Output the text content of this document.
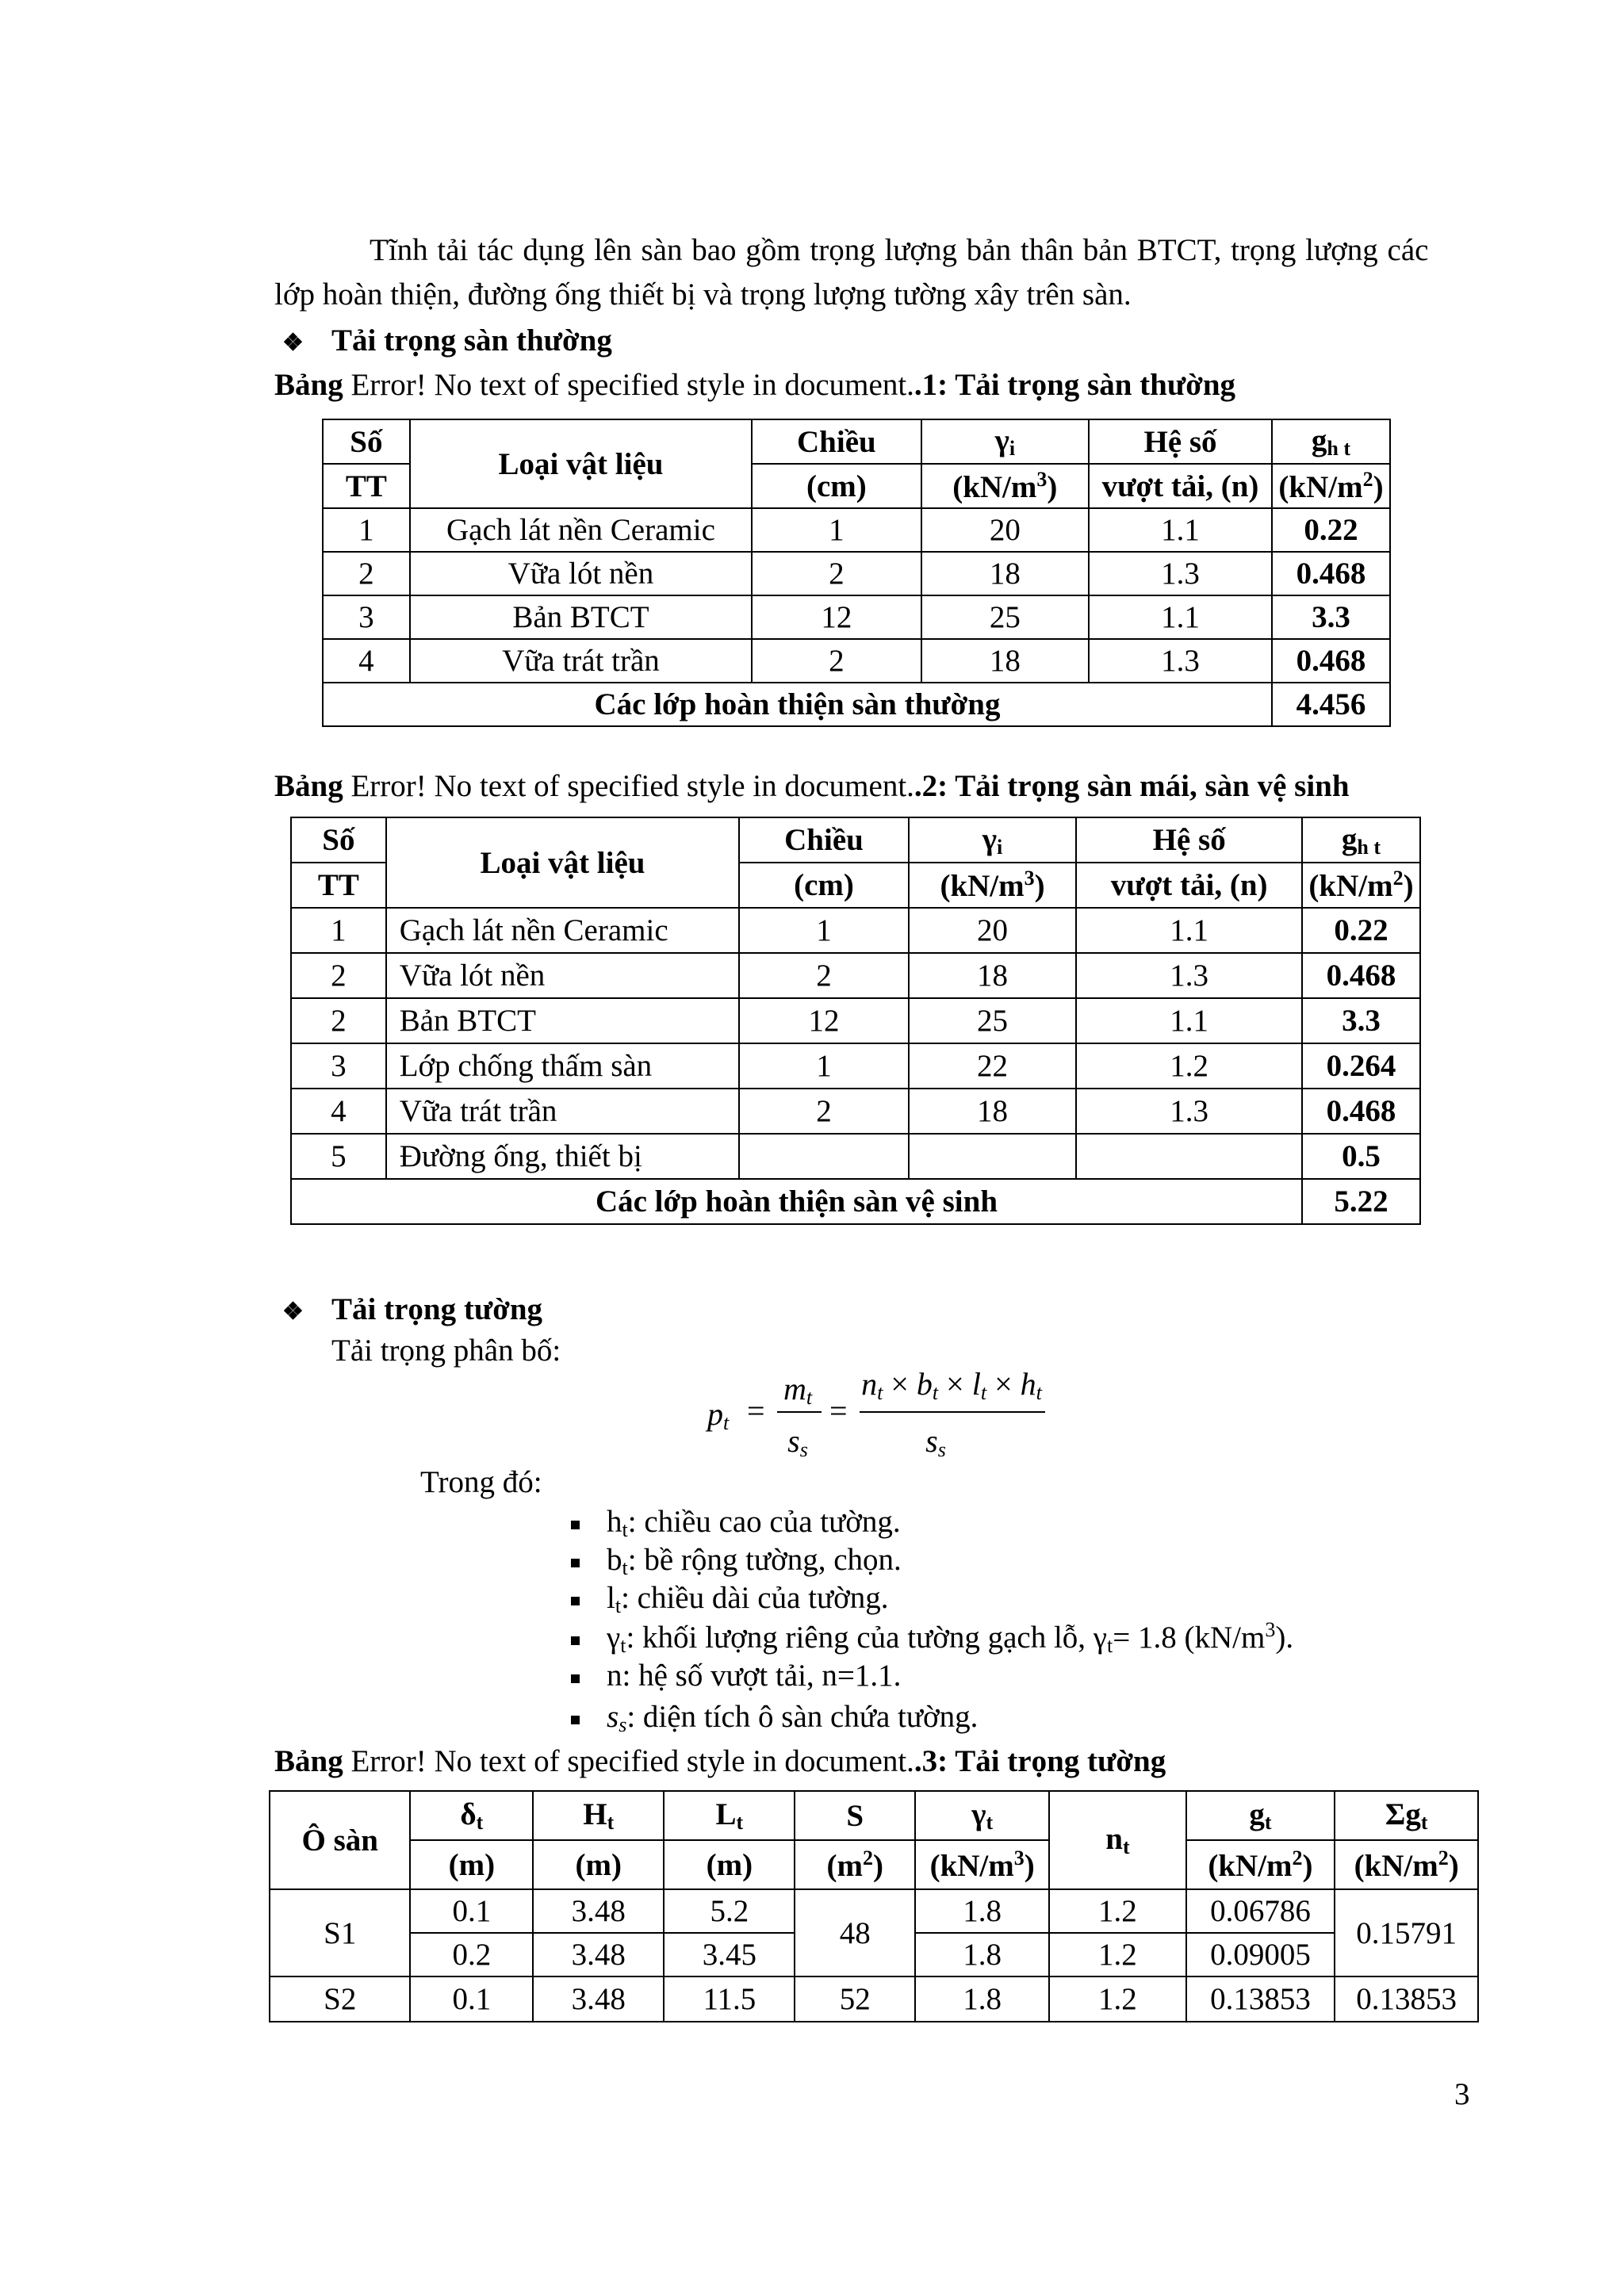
Tĩnh tải tác dụng lên sàn bao gồm trọng lượng bản thân bản BTCT, trọng lượng các
lớp hoàn thiện, đường ống thiết bị và trọng lượng tường xây trên sàn.
❖ Tải trọng sàn thường
Bảng Error! No text of specified style in document..1: Tải trọng sàn thường
Số	Loại vật liệu	Chiều	$\gamma_i$	Hệ số	$g_{h t}$
TT		(cm)	$(kN/m^3)$	vượt tải, (n)	$(kN/m^2)$
1	Gạch lát nền Ceramic	1	20	1.1	0.22
2	Vữa lót nền	2	18	1.3	0.468
3	Bản BTCT	12	25	1.1	3.3
4	Vữa trát trần	2	18	1.3	0.468
Các lớp hoàn thiện sàn thường					4.456
Bảng Error! No text of specified style in document..2: Tải trọng sàn mái, sàn vệ sinh
Số	Loại vật liệu	Chiều	$\gamma_i$	Hệ số	$g_{h t}$
TT		(cm)	$(kN/m^3)$	vượt tải, (n)	$(kN/m^2)$
1	Gạch lát nền Ceramic	1	20	1.1	0.22
2	Vữa lót nền	2	18	1.3	0.468
2	Bản BTCT	12	25	1.1	3.3
3	Lớp chống thấm sàn	1	22	1.2	0.264
4	Vữa trát trần	2	18	1.3	0.468
5	Đường ống, thiết bị				0.5
Các lớp hoàn thiện sàn vệ sinh					5.22
❖ Tải trọng tường
Tải trọng phân bố:
$p_t$ =
$m_t$
$s_s$
=
$n_t \times b_t \times l_t \times h_t$
$s_s$
Trong đó:
$h_t$: chiều cao của tường.
$b_t$: bề rộng tường, chọn.
$l_t$: chiều dài của tường.
$\gamma_t$: khối lượng riêng của tường gạch lỗ, $\gamma_t= 1.8$ $(kN/m^3)$.
n: hệ số vượt tải, n=1.1.
$s_s$: diện tích ô sàn chứa tường.
Bảng Error! No text of specified style in document..3: Tải trọng tường
Ô sàn	$\delta_t$	$H_t$	$L_t$	S	$\gamma_t$	$n_t$	$g_t$	$\Sigma g_t$
	(m)	(m)	(m)	$(m^2)$	$(kN/m^3)$		$(kN/m^2)$	$(kN/m^2)$
S1	0.1	3.48	5.2	48	1.8	1.2	0.06786	0.15791
	0.2	3.48	3.45		1.8	1.2	0.09005	
S2	0.1	3.48	11.5	52	1.8	1.2	0.13853	0.13853
3
